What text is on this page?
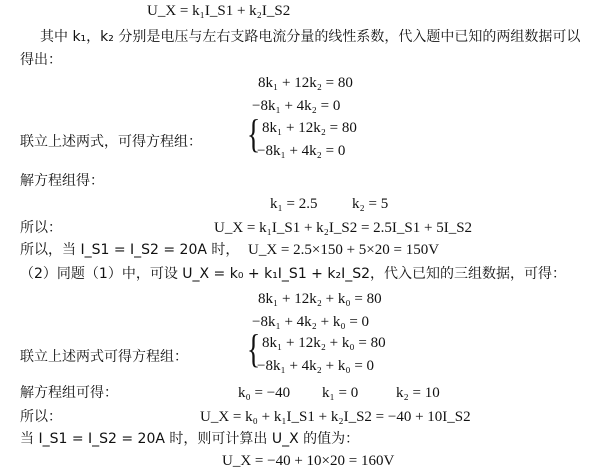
U_X = k₁I_S1 + k₂I_S2
其中 k₁，k₂ 分别是电压与左右支路电流分量的线性系数，代入题中已知的两组数据可以
得出：
8k₁ + 12k₂ = 80
−8k₁ + 4k₂ = 0
联立上述两式，可得方程组： { 8k₁ + 12k₂ = 80
−8k₁ + 4k₂ = 0
解方程组得：
k₁ = 2.5 k₂ = 5
所以：	U_X = k₁I_S1 + k₂I_S2 = 2.5I_S1 + 5I_S2
所以，当 I_S1 = I_S2 = 20A 时， U_X = 2.5×150 + 5×20 = 150V
（2）同题（1）中，可设 U_X = k₀ + k₁I_S1 + k₂I_S2，代入已知的三组数据，可得：
8k₁ + 12k₂ + k₀ = 80
−8k₁ + 4k₂ + k₀ = 0
联立上述两式可得方程组： { 8k₁ + 12k₂ + k₀ = 80
−8k₁ + 4k₂ + k₀ = 0
解方程组可得：	k₀ = −40 k₁ = 0	k₂ = 10
所以：	U_X = k₀ + k₁I_S1 + k₂I_S2 = −40 + 10I_S2
当 I_S1 = I_S2 = 20A 时，则可计算出 U_X 的值为：
U_X = −40 + 10×20 = 160V
